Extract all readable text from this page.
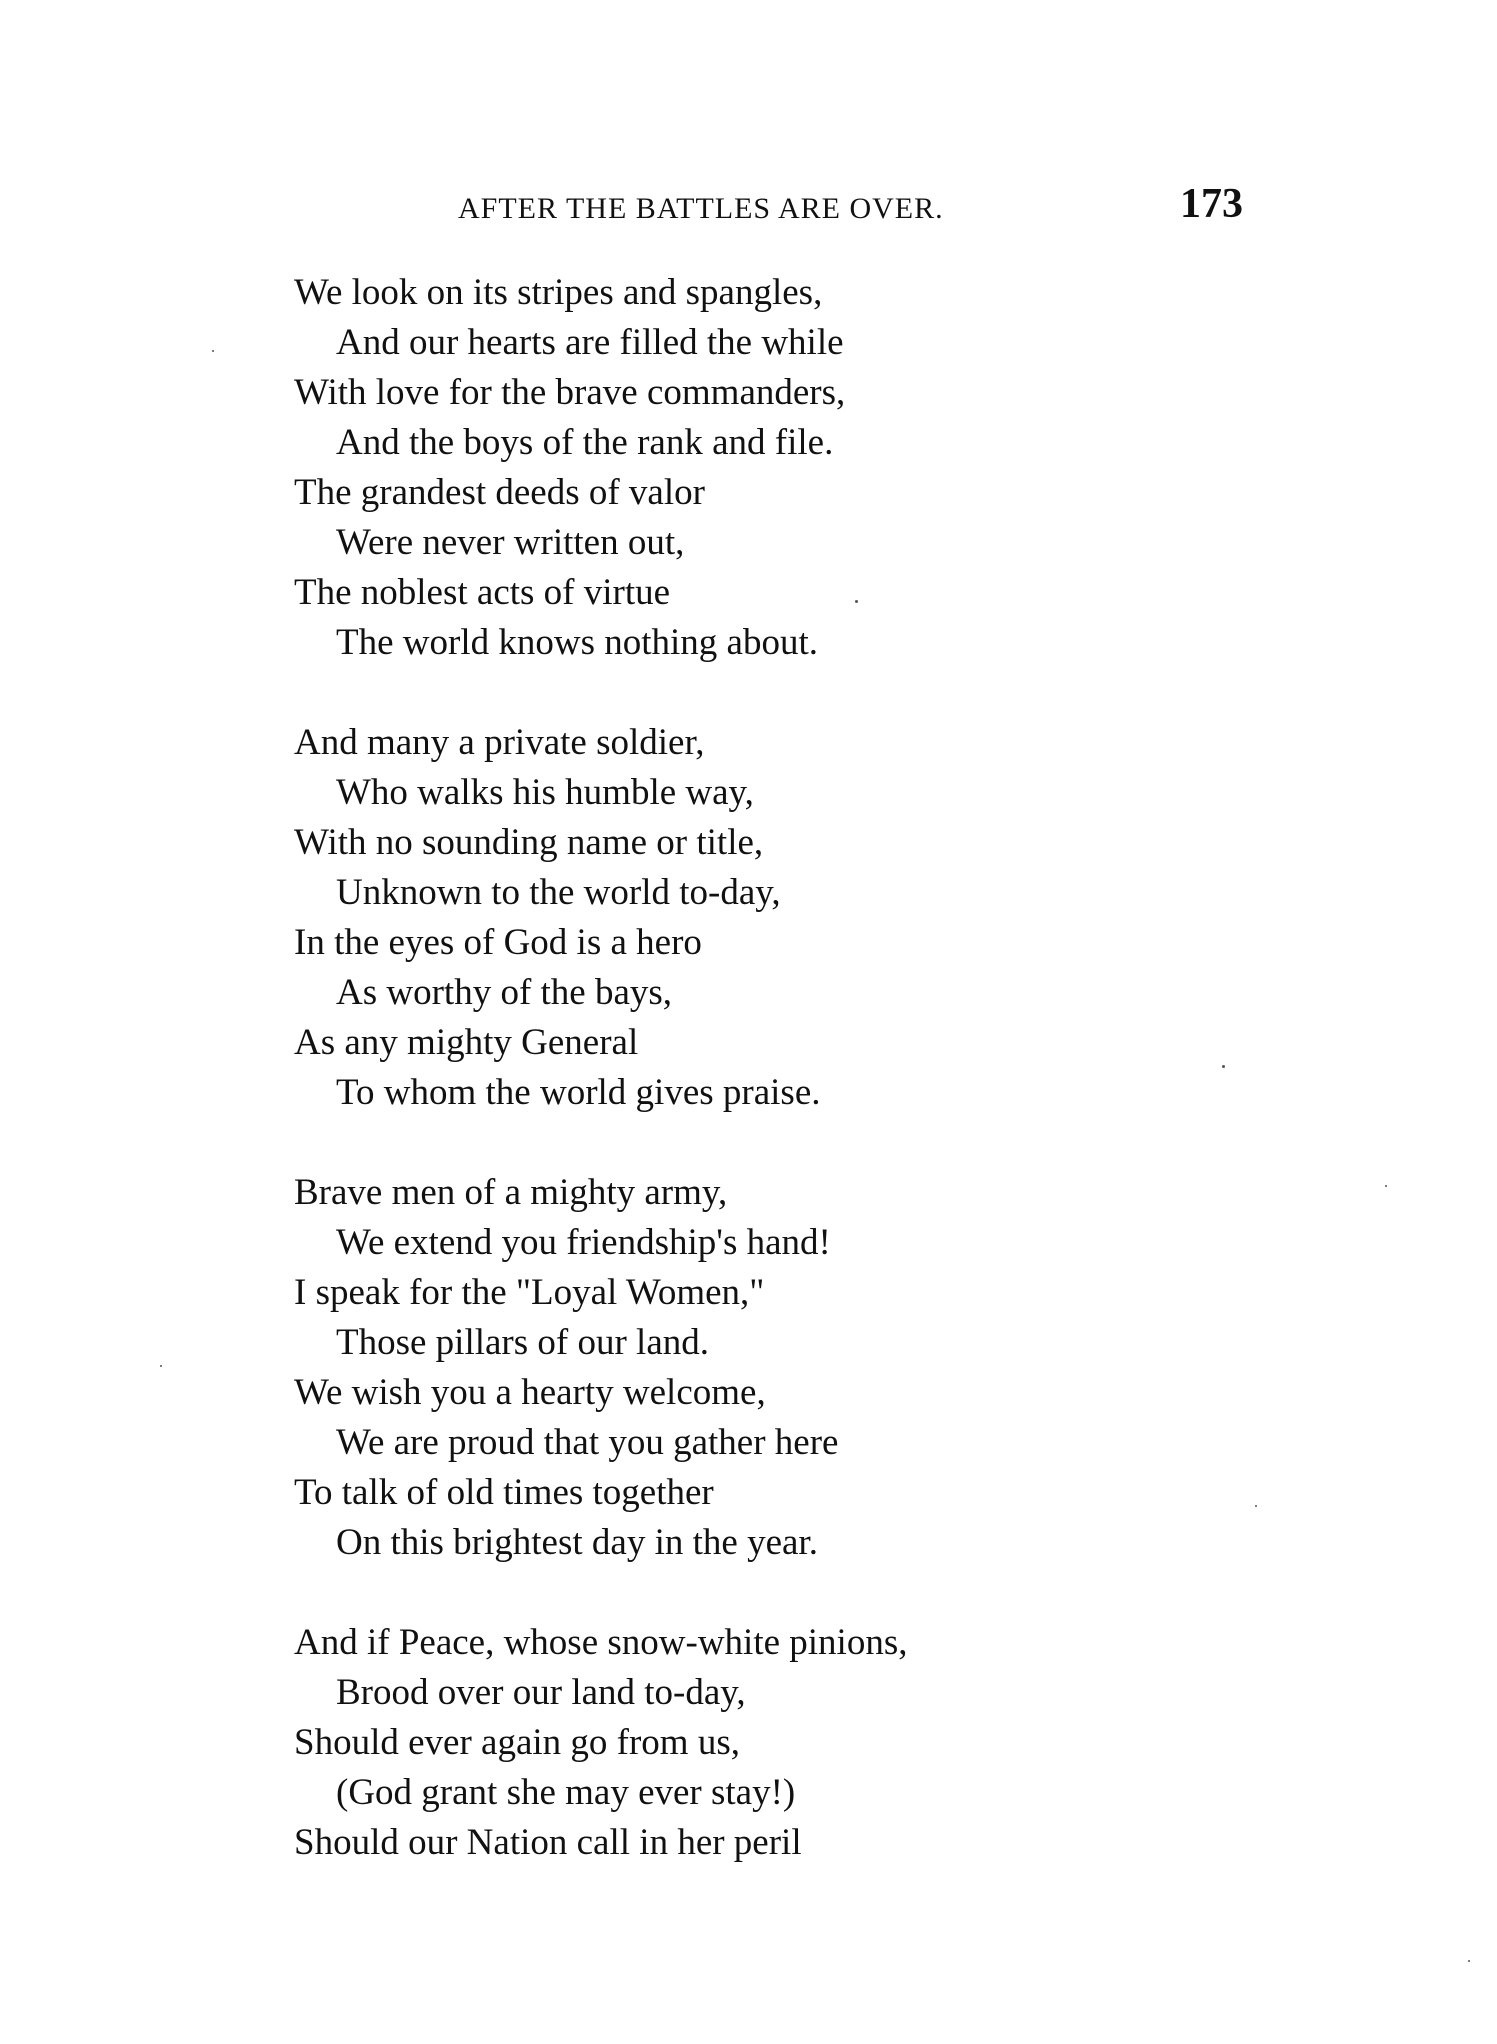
AFTER THE BATTLES ARE OVER.	173
We look on its stripes and spangles,
And our hearts are filled the while
With love for the brave commanders,
And the boys of the rank and file.
The grandest deeds of valor
Were never written out,
The noblest acts of virtue
The world knows nothing about.
And many a private soldier,
Who walks his humble way,
With no sounding name or title,
Unknown to the world to-day,
In the eyes of God is a hero
As worthy of the bays,
As any mighty General
To whom the world gives praise.
Brave men of a mighty army,
We extend you friendship's hand!
I speak for the "Loyal Women,"
Those pillars of our land.
We wish you a hearty welcome,
We are proud that you gather here
To talk of old times together
On this brightest day in the year.
And if Peace, whose snow-white pinions,
Brood over our land to-day,
Should ever again go from us,
(God grant she may ever stay!)
Should our Nation call in her peril
